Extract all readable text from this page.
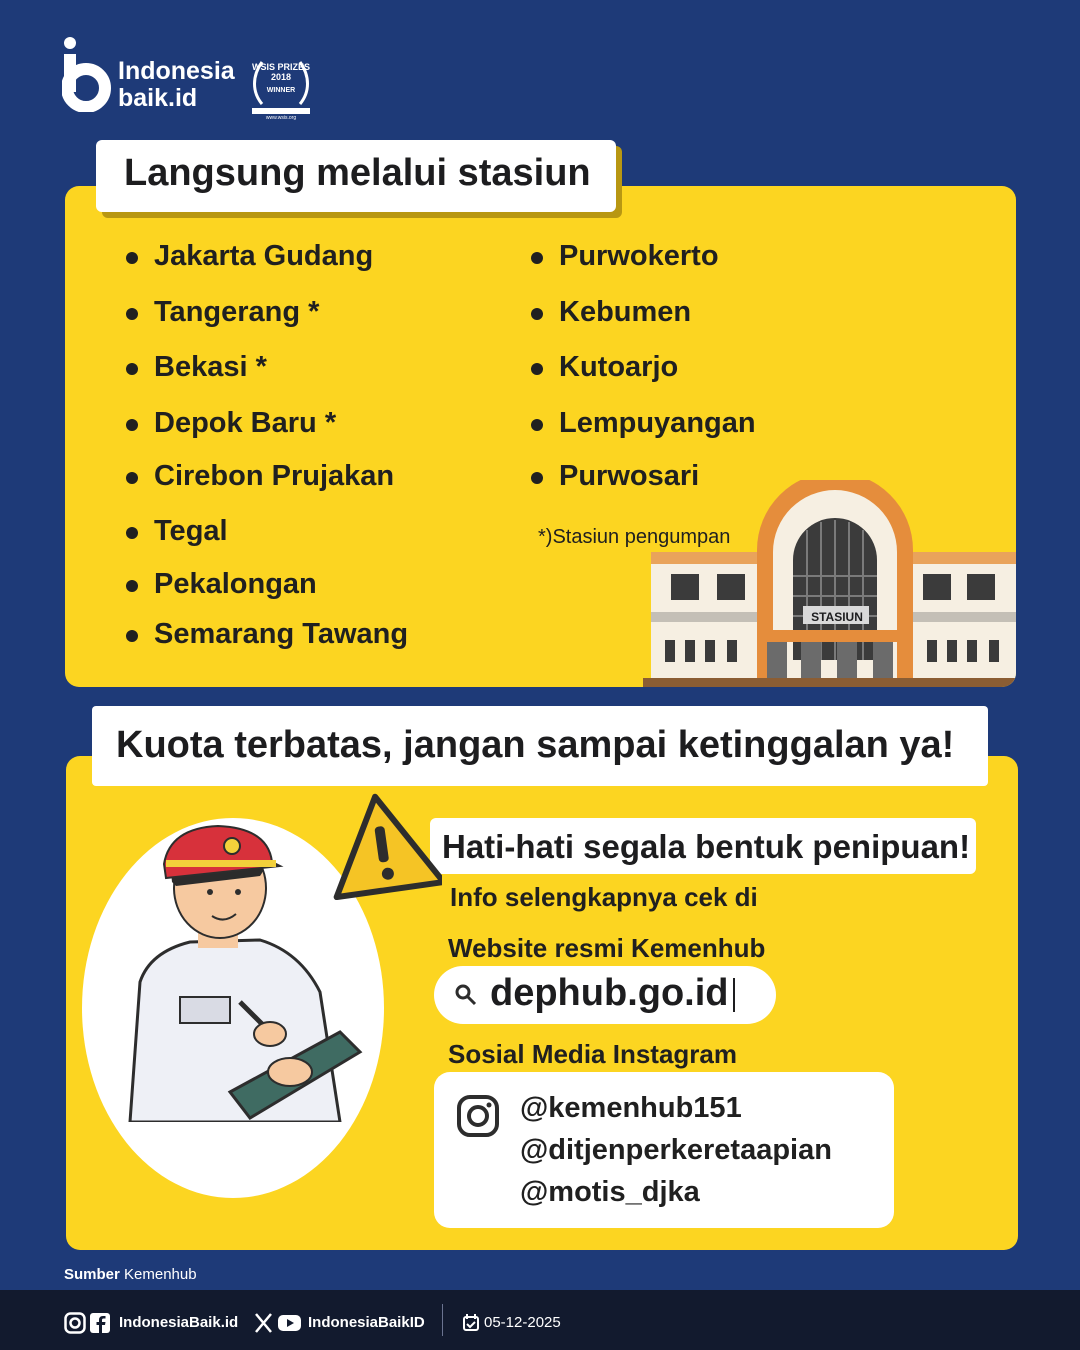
Indonesia
baik.id
WSIS PRIZES
2018
WINNER
www.wsis.org
STASIUN
Langsung melalui stasiun
Jakarta Gudang
Tangerang *
Bekasi *
Depok Baru *
Cirebon Prujakan
Tegal
Pekalongan
Semarang Tawang
Purwokerto
Kebumen
Kutoarjo
Lempuyangan
Purwosari
*)Stasiun pengumpan
Kuota terbatas, jangan sampai ketinggalan ya!
Hati-hati segala bentuk penipuan!
Info selengkapnya cek di
Website resmi Kemenhub
dephub.go.id
Sosial Media Instagram
@kemenhub151
@ditjenperkeretaapian
@motis_djka
Sumber Kemenhub
IndonesiaBaik.id	IndonesiaBaikID	05-12-2025
